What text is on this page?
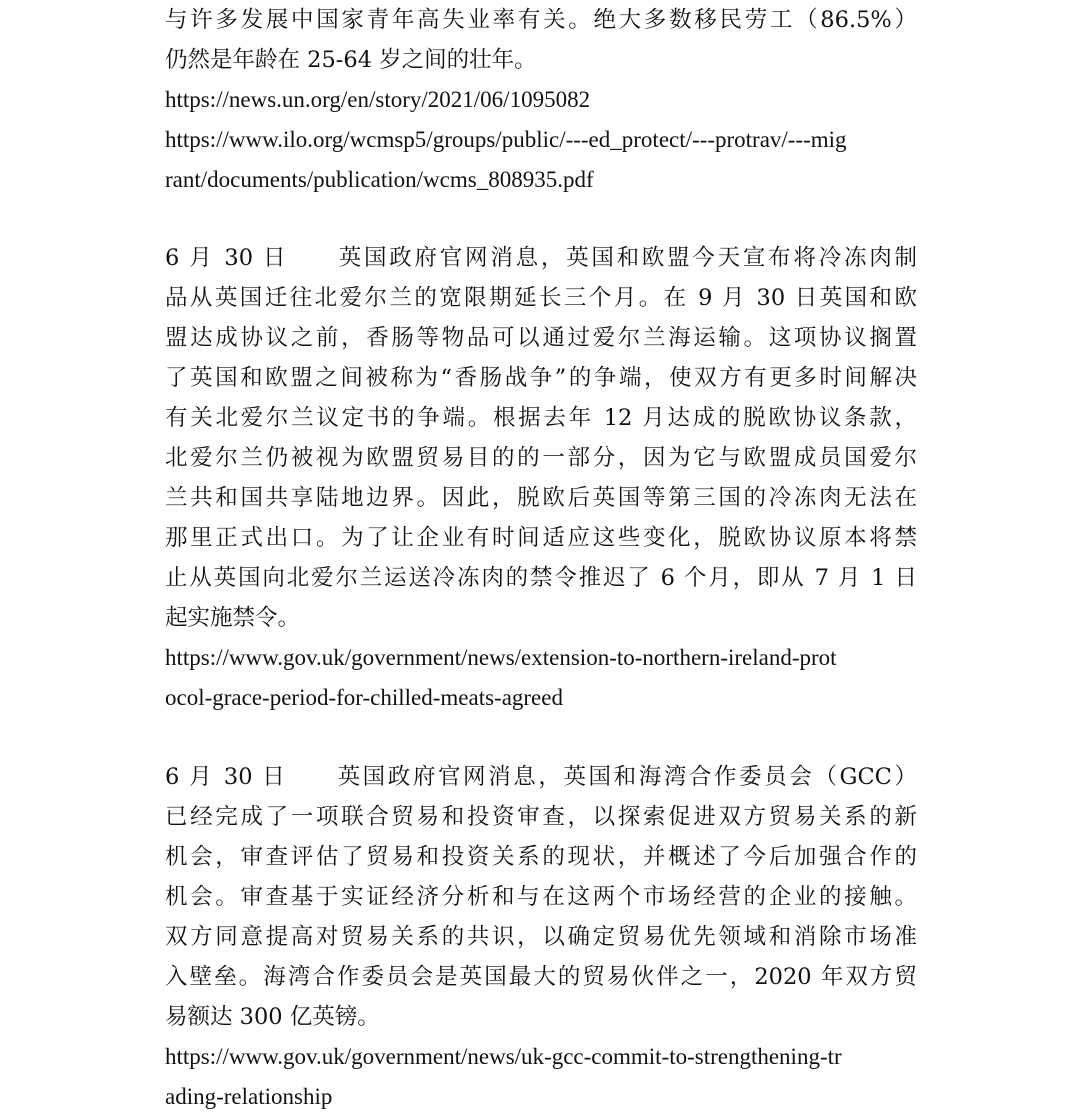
与许多发展中国家青年高失业率有关。绝大多数移民劳工（86.5%）
仍然是年龄在 25-64 岁之间的壮年。
https://news.un.org/en/story/2021/06/1095082
https://www.ilo.org/wcmsp5/groups/public/---ed_protect/---protrav/---mig
rant/documents/publication/wcms_808935.pdf
6 月 30 日　　英国政府官网消息，英国和欧盟今天宣布将冷冻肉制
品从英国迁往北爱尔兰的宽限期延长三个月。在 9 月 30 日英国和欧
盟达成协议之前，香肠等物品可以通过爱尔兰海运输。这项协议搁置
了英国和欧盟之间被称为“香肠战争”的争端，使双方有更多时间解决
有关北爱尔兰议定书的争端。根据去年 12 月达成的脱欧协议条款，
北爱尔兰仍被视为欧盟贸易目的的一部分，因为它与欧盟成员国爱尔
兰共和国共享陆地边界。因此，脱欧后英国等第三国的冷冻肉无法在
那里正式出口。为了让企业有时间适应这些变化，脱欧协议原本将禁
止从英国向北爱尔兰运送冷冻肉的禁令推迟了 6 个月，即从 7 月 1 日
起实施禁令。
https://www.gov.uk/government/news/extension-to-northern-ireland-prot
ocol-grace-period-for-chilled-meats-agreed
6 月 30 日　　英国政府官网消息，英国和海湾合作委员会（GCC）
已经完成了一项联合贸易和投资审查，以探索促进双方贸易关系的新
机会，审查评估了贸易和投资关系的现状，并概述了今后加强合作的
机会。审查基于实证经济分析和与在这两个市场经营的企业的接触。
双方同意提高对贸易关系的共识，以确定贸易优先领域和消除市场准
入壁垒。海湾合作委员会是英国最大的贸易伙伴之一，2020 年双方贸
易额达 300 亿英镑。
https://www.gov.uk/government/news/uk-gcc-commit-to-strengthening-tr
ading-relationship
